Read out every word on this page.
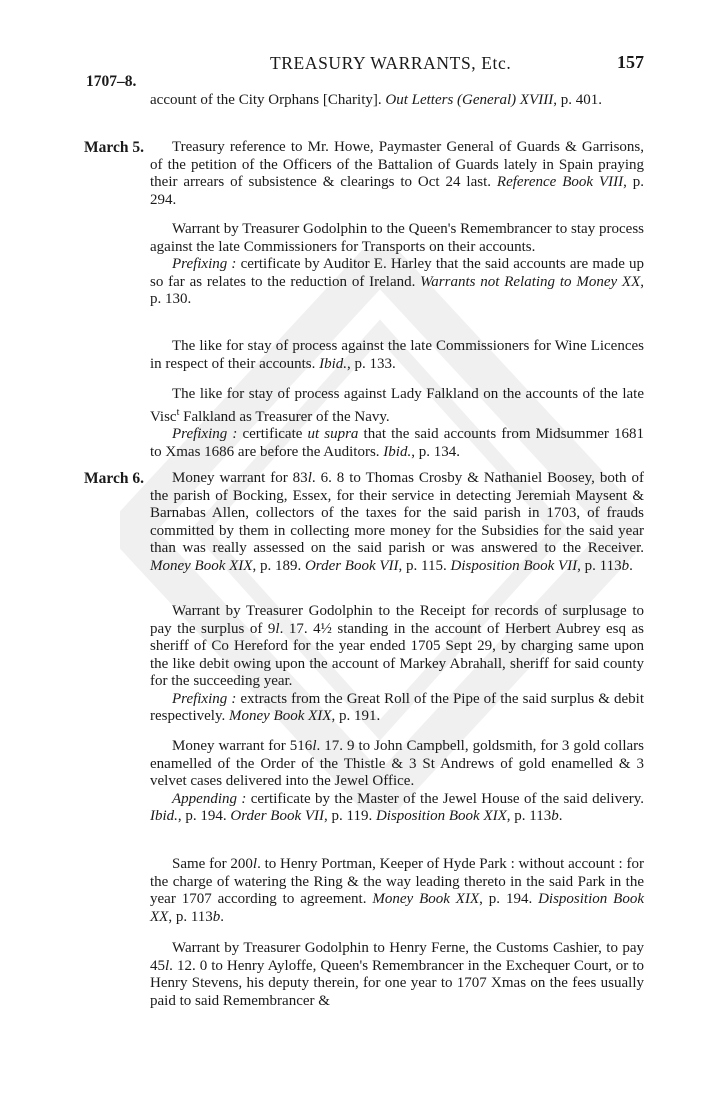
TREASURY WARRANTS, Etc.	157
1707–8.
March 5.
March 6.
account of the City Orphans [Charity]. Out Letters (General) XVIII, p. 401.
Treasury reference to Mr. Howe, Paymaster General of Guards & Garrisons, of the petition of the Officers of the Battalion of Guards lately in Spain praying their arrears of subsistence & clearings to Oct 24 last. Reference Book VIII, p. 294.
Warrant by Treasurer Godolphin to the Queen's Remembrancer to stay process against the late Commissioners for Transports on their accounts.
Prefixing : certificate by Auditor E. Harley that the said accounts are made up so far as relates to the reduction of Ireland. Warrants not Relating to Money XX, p. 130.
The like for stay of process against the late Commissioners for Wine Licences in respect of their accounts. Ibid., p. 133.
The like for stay of process against Lady Falkland on the accounts of the late Visc$^t$ Falkland as Treasurer of the Navy.
Prefixing : certificate ut supra that the said accounts from Midsummer 1681 to Xmas 1686 are before the Auditors. Ibid., p. 134.
Money warrant for 83l. 6. 8 to Thomas Crosby & Nathaniel Boosey, both of the parish of Bocking, Essex, for their service in detecting Jeremiah Maysent & Barnabas Allen, collectors of the taxes for the said parish in 1703, of frauds committed by them in collecting more money for the Subsidies for the said year than was really assessed on the said parish or was answered to the Receiver. Money Book XIX, p. 189. Order Book VII, p. 115. Disposition Book VII, p. 113b.
Warrant by Treasurer Godolphin to the Receipt for records of surplusage to pay the surplus of 9l. 17. 4½ standing in the account of Herbert Aubrey esq as sheriff of Co Hereford for the year ended 1705 Sept 29, by charging same upon the like debit owing upon the account of Markey Abrahall, sheriff for said county for the succeeding year.
Prefixing : extracts from the Great Roll of the Pipe of the said surplus & debit respectively. Money Book XIX, p. 191.
Money warrant for 516l. 17. 9 to John Campbell, goldsmith, for 3 gold collars enamelled of the Order of the Thistle & 3 St Andrews of gold enamelled & 3 velvet cases delivered into the Jewel Office.
Appending : certificate by the Master of the Jewel House of the said delivery. Ibid., p. 194. Order Book VII, p. 119. Disposition Book XIX, p. 113b.
Same for 200l. to Henry Portman, Keeper of Hyde Park : without account : for the charge of watering the Ring & the way leading thereto in the said Park in the year 1707 according to agreement. Money Book XIX, p. 194. Disposition Book XX, p. 113b.
Warrant by Treasurer Godolphin to Henry Ferne, the Customs Cashier, to pay 45l. 12. 0 to Henry Ayloffe, Queen's Remembrancer in the Exchequer Court, or to Henry Stevens, his deputy therein, for one year to 1707 Xmas on the fees usually paid to said Remembrancer &
